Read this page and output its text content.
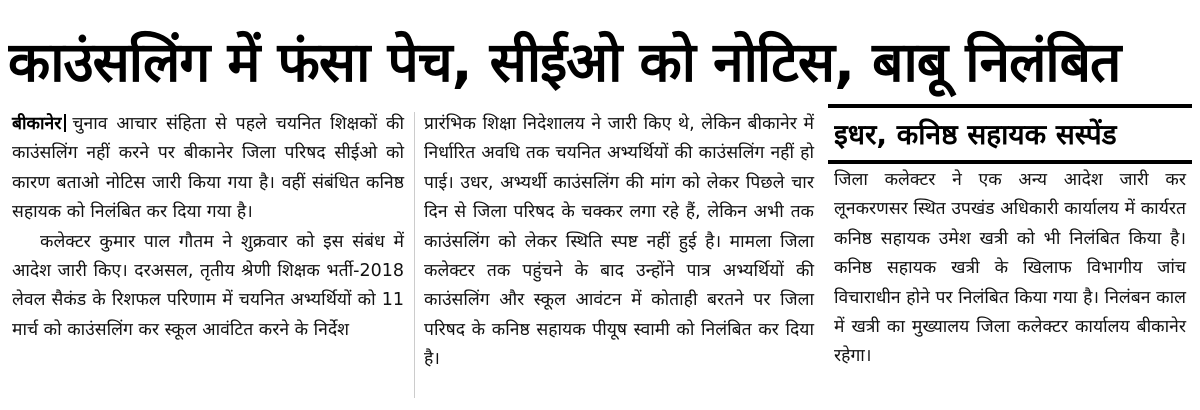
काउंसलिंग में फंसा पेच, सीईओ को नोटिस, बाबू निलंबित

बीकानेर चुनाव आचार संहिता से पहले चयनित शिक्षकों की काउंसलिंग नहीं करने पर बीकानेर जिला परिषद सीईओ को कारण बताओ नोटिस जारी किया गया है। वहीं संबंधित कनिष्ठ सहायक को निलंबित कर दिया गया है।

कलेक्टर कुमार पाल गौतम ने शुक्रवार को इस संबंध में आदेश जारी किए। दरअसल, तृतीय श्रेणी शिक्षक भर्ती-2018 लेवल सैकंड के रिशफल परिणाम में चयनित अभ्यर्थियों को 11 मार्च को काउंसलिंग कर स्कूल आवंटित करने के निर्देश

प्रारंभिक शिक्षा निदेशालय ने जारी किए थे, लेकिन बीकानेर में निर्धारित अवधि तक चयनित अभ्यर्थियों की काउंसलिंग नहीं हो पाई। उधर, अभ्यर्थी काउंसलिंग की मांग को लेकर पिछले चार दिन से जिला परिषद के चक्कर लगा रहे हैं, लेकिन अभी तक काउंसलिंग को लेकर स्थिति स्पष्ट नहीं हुई है। मामला जिला कलेक्टर तक पहुंचने के बाद उन्होंने पात्र अभ्यर्थियों की काउंसलिंग और स्कूल आवंटन में कोताही बरतने पर जिला परिषद के कनिष्ठ सहायक पीयूष स्वामी को निलंबित कर दिया है।

इधर, कनिष्ठ सहायक सस्पेंड

जिला कलेक्टर ने एक अन्य आदेश जारी कर लूनकरणसर स्थित उपखंड अधिकारी कार्यालय में कार्यरत कनिष्ठ सहायक उमेश खत्री को भी निलंबित किया है। कनिष्ठ सहायक खत्री के खिलाफ विभागीय जांच विचाराधीन होने पर निलंबित किया गया है। निलंबन काल में खत्री का मुख्यालय जिला कलेक्टर कार्यालय बीकानेर रहेगा।
